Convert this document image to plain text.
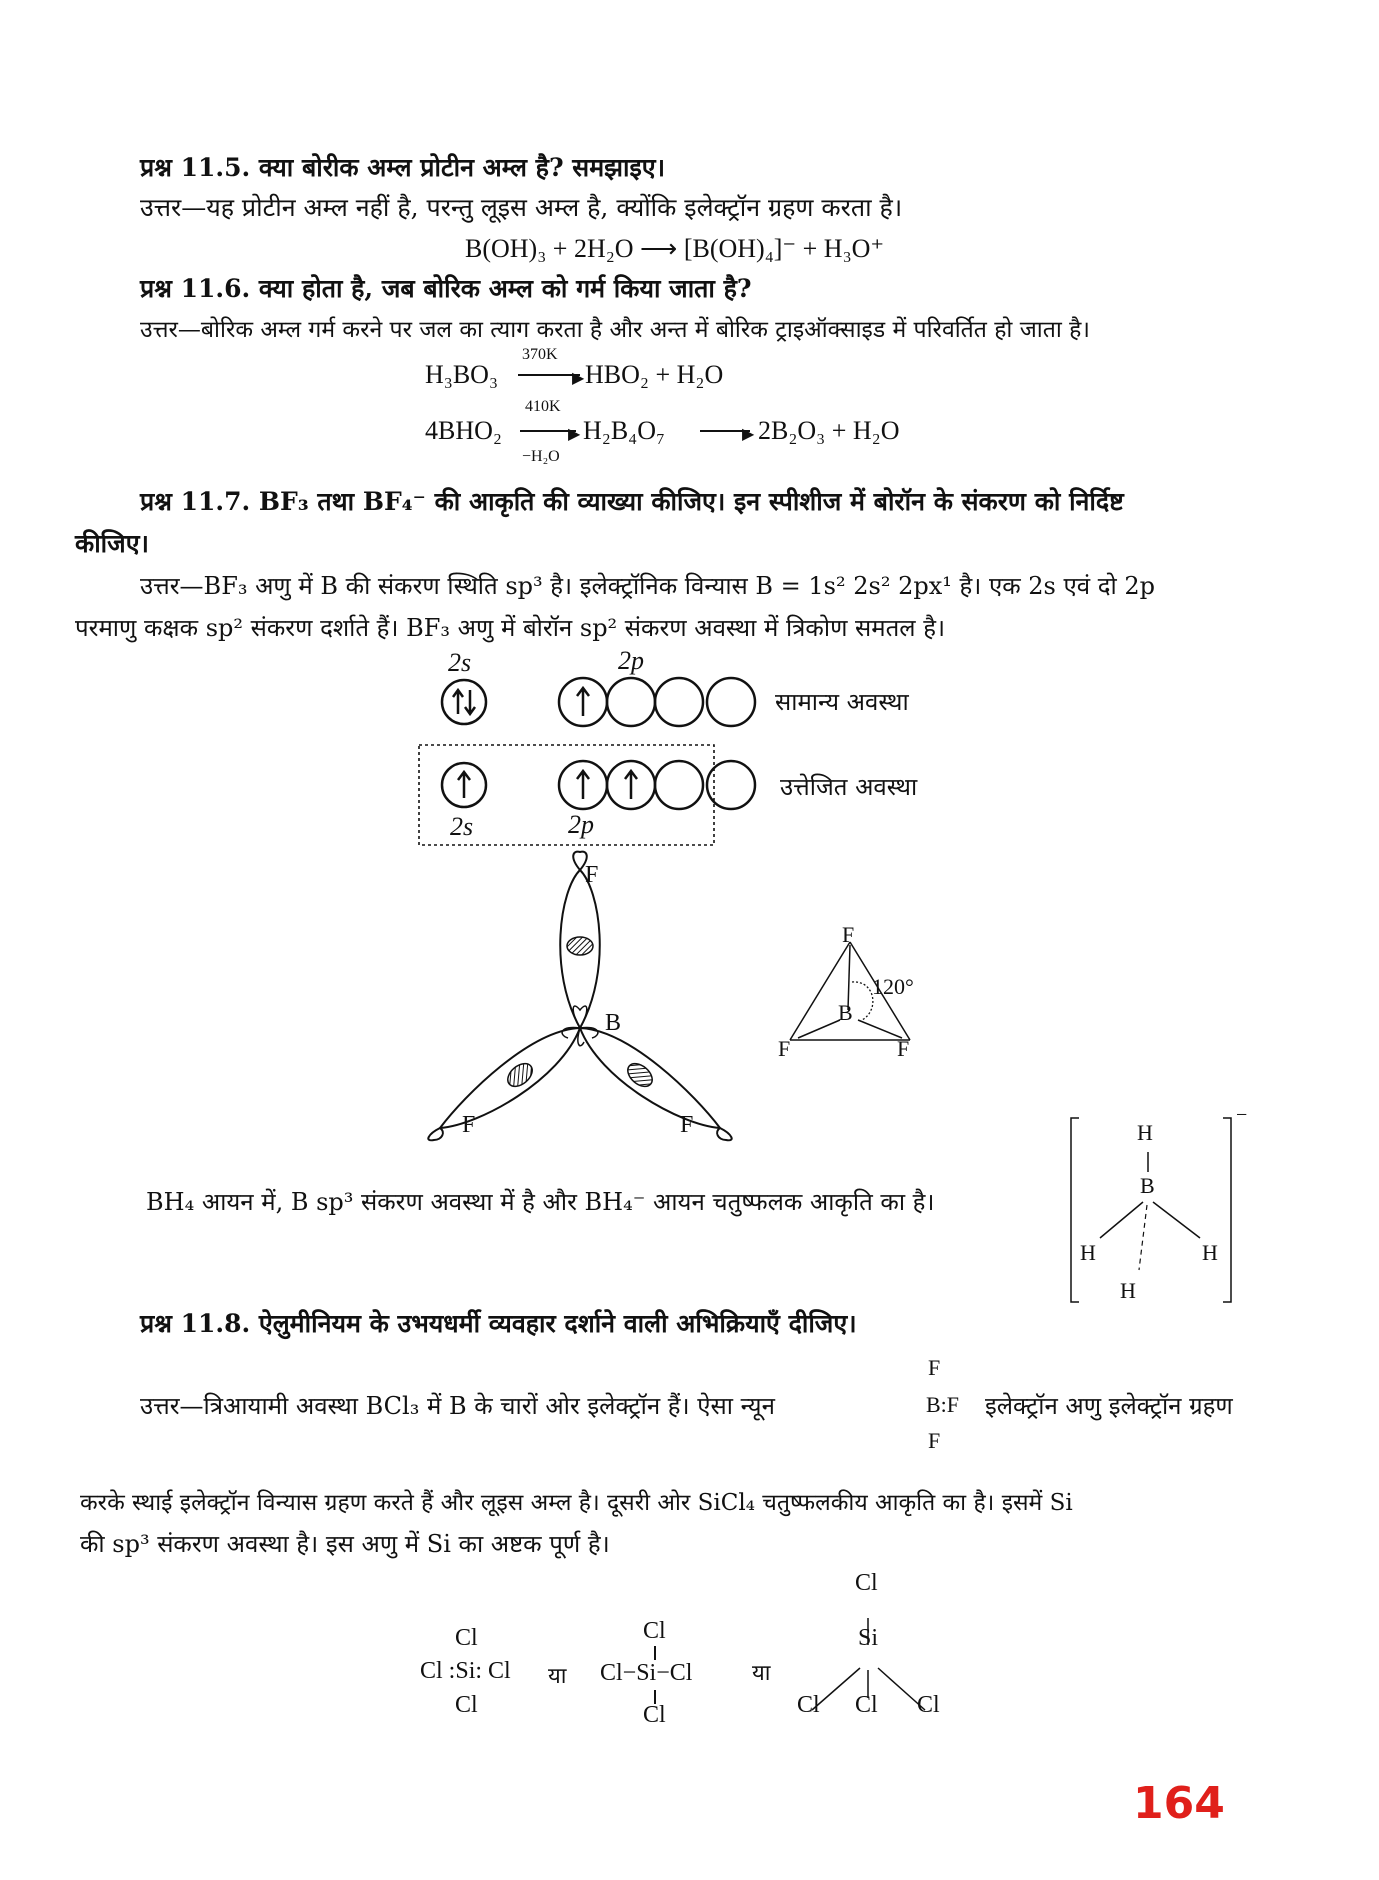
प्रश्न 11.5. क्या बोरीक अम्ल प्रोटीन अम्ल है? समझाइए।
उत्तर—यह प्रोटीन अम्ल नहीं है, परन्तु लूइस अम्ल है, क्योंकि इलेक्ट्रॉन ग्रहण करता है।
B(OH)₃ + 2H₂O ⟶ [B(OH)₄]⁻ + H₃O⁺
प्रश्न 11.6. क्या होता है, जब बोरिक अम्ल को गर्म किया जाता है?
उत्तर—बोरिक अम्ल गर्म करने पर जल का त्याग करता है और अन्त में बोरिक ट्राइऑक्साइड में परिवर्तित हो जाता है।
H₃BO₃
370K
▶ HBO₂ + H₂O
4BHO₂
410K
▶
−H₂O
H₂B₄O₇	▶ 2B₂O₃ + H₂O
प्रश्न 11.7. BF₃ तथा BF₄⁻ की आकृति की व्याख्या कीजिए। इन स्पीशीज में बोरॉन के संकरण को निर्दिष्ट
कीजिए।
उत्तर—BF₃ अणु में B की संकरण स्थिति sp³ है। इलेक्ट्रॉनिक विन्यास B = 1s² 2s² 2px¹ है। एक 2s एवं दो 2p
परमाणु कक्षक sp² संकरण दर्शाते हैं। BF₃ अणु में बोरॉन sp² संकरण अवस्था में त्रिकोण समतल है।
2s	2p
सामान्य अवस्था
उत्तेजित अवस्था
2s	2p
F
B
F	F
F
120°
B
F	F
BH₄ आयन में, B sp³ संकरण अवस्था में है और BH₄⁻ आयन चतुष्फलक आकृति का है।
H
B
H	H
H
−
प्रश्न 11.8. ऐलुमीनियम के उभयधर्मी व्यवहार दर्शाने वाली अभिक्रियाएँ दीजिए।
उत्तर—त्रिआयामी अवस्था BCl₃ में B के चारों ओर इलेक्ट्रॉन हैं। ऐसा न्यून
F
B:F
F
इलेक्ट्रॉन अणु इलेक्ट्रॉन ग्रहण
करके स्थाई इलेक्ट्रॉन विन्यास ग्रहण करते हैं और लूइस अम्ल है। दूसरी ओर SiCl₄ चतुष्फलकीय आकृति का है। इसमें Si
की sp³ संकरण अवस्था है। इस अणु में Si का अष्टक पूर्ण है।
Cl
Cl :Si: Cl
Cl
या
Cl
Cl−Si−Cl
Cl
या
Cl
Si
Cl Cl Cl
164
